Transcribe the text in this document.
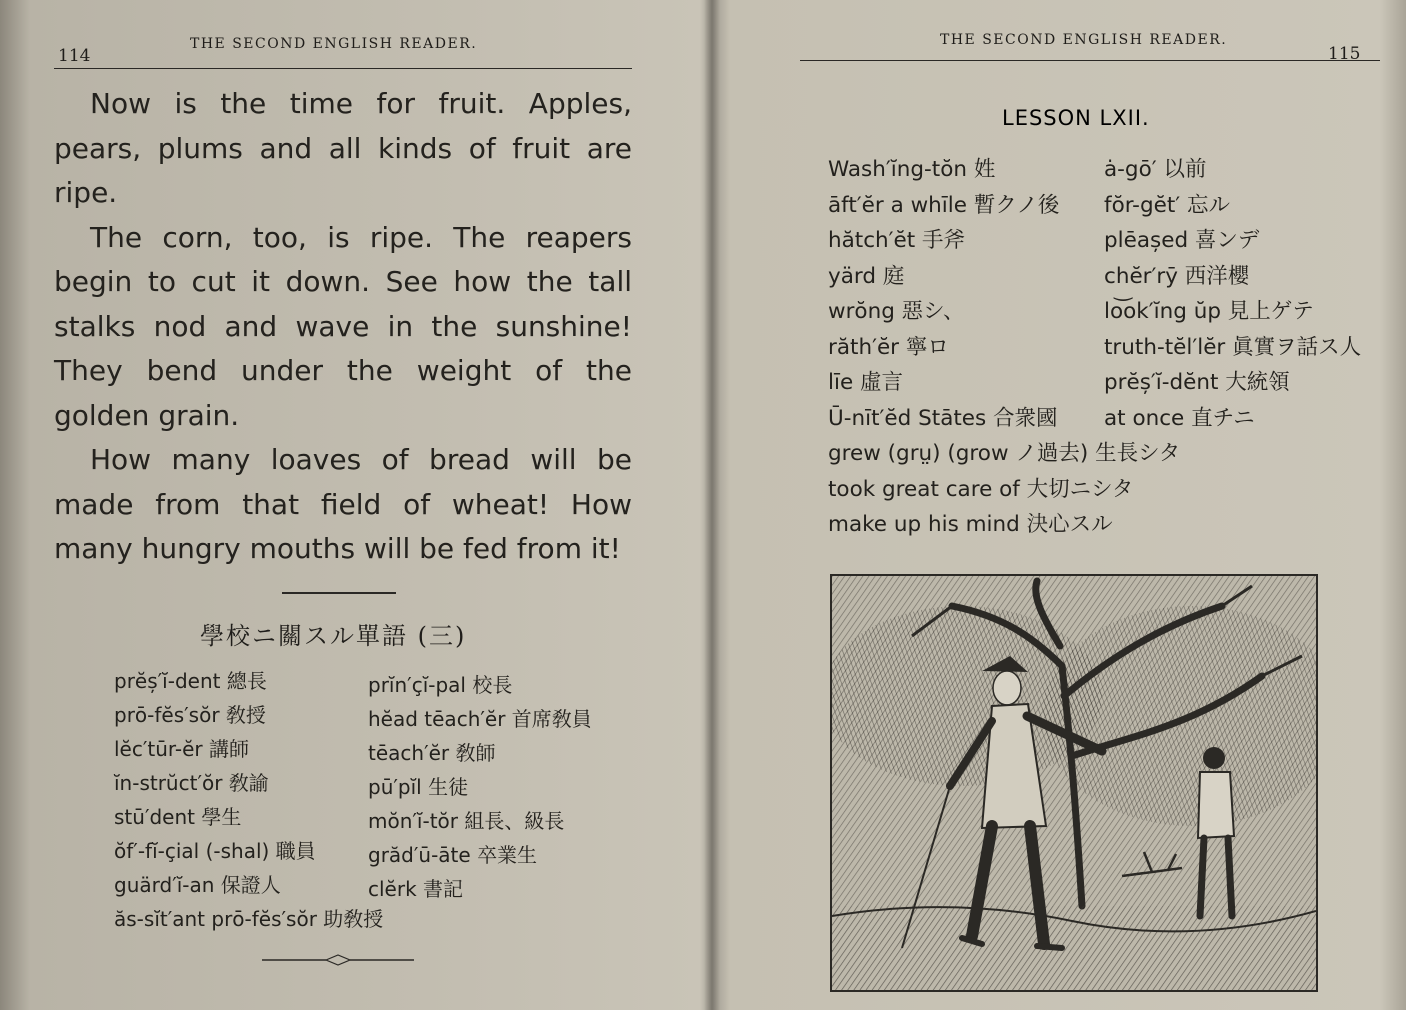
114
THE SECOND ENGLISH READER.

Now is the time for fruit. Apples, pears, plums and all kinds of fruit are ripe.

The corn, too, is ripe. The reapers begin to cut it down. See how the tall stalks nod and wave in the sunshine! They bend under the weight of the golden grain.

How many loaves of bread will be made from that field of wheat! How many hungry mouths will be fed from it!

學校ニ關スル單語 (三)
prĕș′ĭ-dent 總長
prō-fĕs′sŏr 敎授
lĕc′tūr-ĕr 講師
ĭn-strŭct′ŏr 敎諭
stū′dent 學生
ŏf′-fĭ-çial (-shal) 職員
guärd′ĭ-an 保證人
ăs-sĭt′ant prō-fĕs′sŏr 助敎授
prĭn′çĭ-pal 校長
hĕad tēach′ĕr 首席敎員
tēach′ĕr 敎師
pū′pĭl 生徒
mŏn′ĭ-tŏr 組長、級長
grăd′ū-āte 卒業生
clĕrk 書記
THE SECOND ENGLISH READER.
115
LESSON LXII.
Wash′ĭng-tŏn 姓
āft′ĕr a whīle 暫クノ後
hătch′ĕt 手斧
yärd 庭
wrŏng 惡シ、
răth′ĕr 寧ロ
līe 虛言
Ū-nīt′ĕd Stātes 合衆國
grew (grṳ) (grow ノ過去) 生長シタ
took great care of 大切ニシタ
make up his mind 決心スル
ȧ-gō′ 以前
fŏr-gĕt′ 忘ル
plēașed 喜ンデ
chĕr′rȳ 西洋櫻
lo͝ok′ĭng ŭp 見上ゲテ
truth-tĕl′lĕr 眞實ヲ話ス人
prĕș′ĭ-dĕnt 大統領
at once 直チニ
